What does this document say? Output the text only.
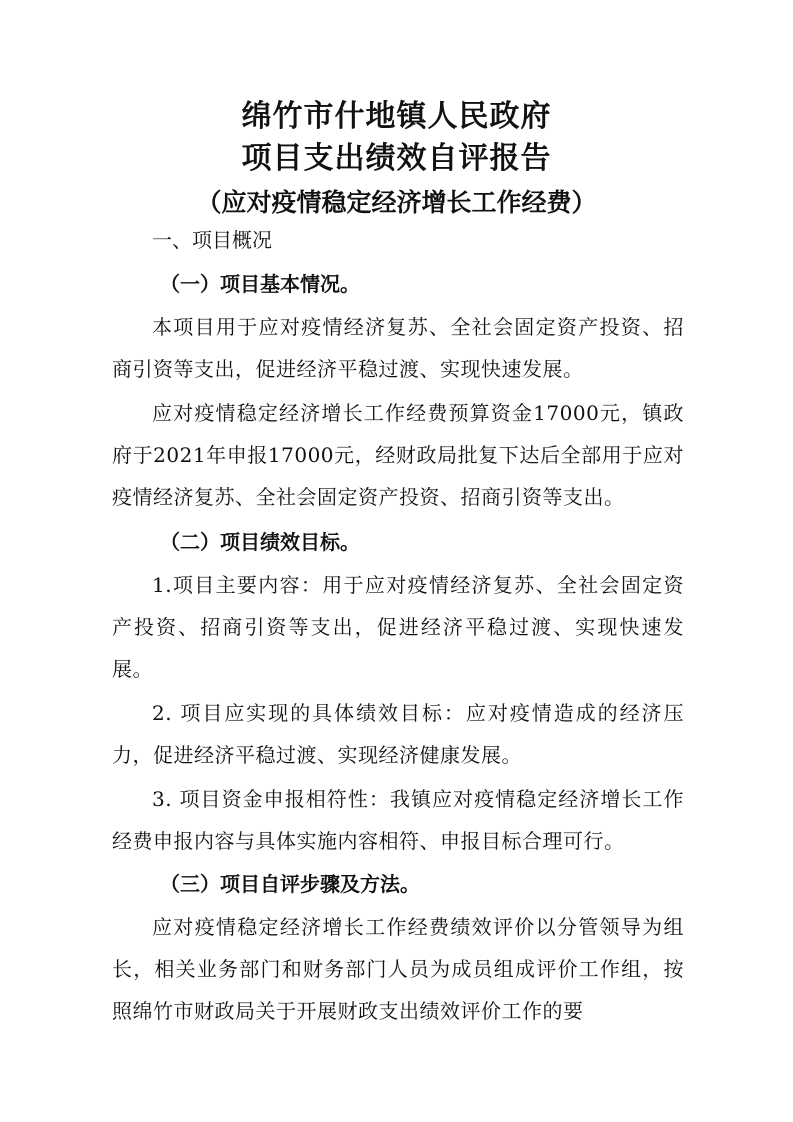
绵竹市什地镇人民政府
项目支出绩效自评报告
（应对疫情稳定经济增长工作经费）

一、项目概况

（一）项目基本情况。

本项目用于应对疫情经济复苏、全社会固定资产投资、招商引资等支出，促进经济平稳过渡、实现快速发展。

应对疫情稳定经济增长工作经费预算资金17000元，镇政府于2021年申报17000元，经财政局批复下达后全部用于应对疫情经济复苏、全社会固定资产投资、招商引资等支出。

（二）项目绩效目标。

1.项目主要内容：用于应对疫情经济复苏、全社会固定资产投资、招商引资等支出，促进经济平稳过渡、实现快速发展。

2. 项目应实现的具体绩效目标：应对疫情造成的经济压力，促进经济平稳过渡、实现经济健康发展。

3. 项目资金申报相符性：我镇应对疫情稳定经济增长工作经费申报内容与具体实施内容相符、申报目标合理可行。

（三）项目自评步骤及方法。

应对疫情稳定经济增长工作经费绩效评价以分管领导为组长，相关业务部门和财务部门人员为成员组成评价工作组，按照绵竹市财政局关于开展财政支出绩效评价工作的要
